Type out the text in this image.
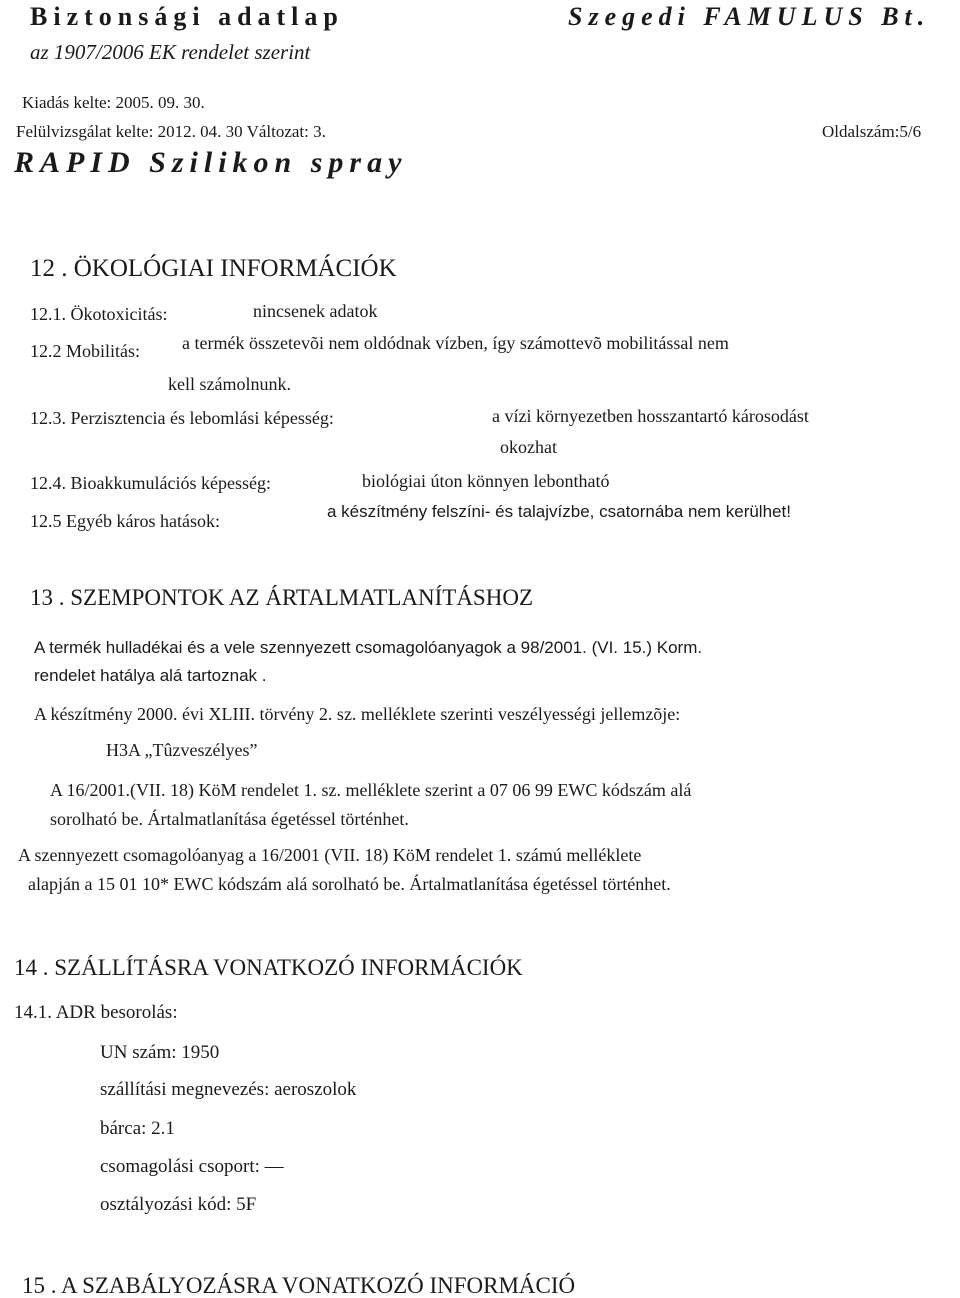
Biztonsági adatlap	Szegedi FAMULUS Bt.
az 1907/2006 EK rendelet szerint
Kiadás kelte: 2005. 09. 30.
Felülvizsgálat kelte: 2012. 04. 30 Változat: 3.	Oldalszám:5/6
RAPID Szilikon spray
12 . ÖKOLÓGIAI INFORMÁCIÓK
12.1. Ökotoxicitás:	nincsenek adatok
12.2 Mobilitás: a termék összetevõi nem oldódnak vízben, így számottevõ mobilitással nem
kell számolnunk.
12.3. Perzisztencia és lebomlási képesség:	a vízi környezetben hosszantartó károsodást
okozhat
12.4. Bioakkumulációs képesség:	biológiai úton könnyen lebontható
12.5 Egyéb káros hatások:	a készítmény felszíni- és talajvízbe, csatornába nem kerülhet!
13 . SZEMPONTOK AZ ÁRTALMATLANÍTÁSHOZ
A termék hulladékai és a vele szennyezett csomagolóanyagok a 98/2001. (VI. 15.) Korm.
rendelet hatálya alá tartoznak .
A készítmény 2000. évi XLIII. törvény 2. sz. melléklete szerinti veszélyességi jellemzõje:
H3A „Tûzveszélyes”
A 16/2001.(VII. 18) KöM rendelet 1. sz. melléklete szerint a 07 06 99 EWC kódszám alá
sorolható be. Ártalmatlanítása égetéssel történhet.
A szennyezett csomagolóanyag a 16/2001 (VII. 18) KöM rendelet 1. számú melléklete
alapján a 15 01 10* EWC kódszám alá sorolható be. Ártalmatlanítása égetéssel történhet.
14 . SZÁLLÍTÁSRA VONATKOZÓ INFORMÁCIÓK
14.1. ADR besorolás:
UN szám: 1950
szállítási megnevezés: aeroszolok
bárca: 2.1
csomagolási csoport: —
osztályozási kód: 5F
15 . A SZABÁLYOZÁSRA VONATKOZÓ INFORMÁCIÓ
